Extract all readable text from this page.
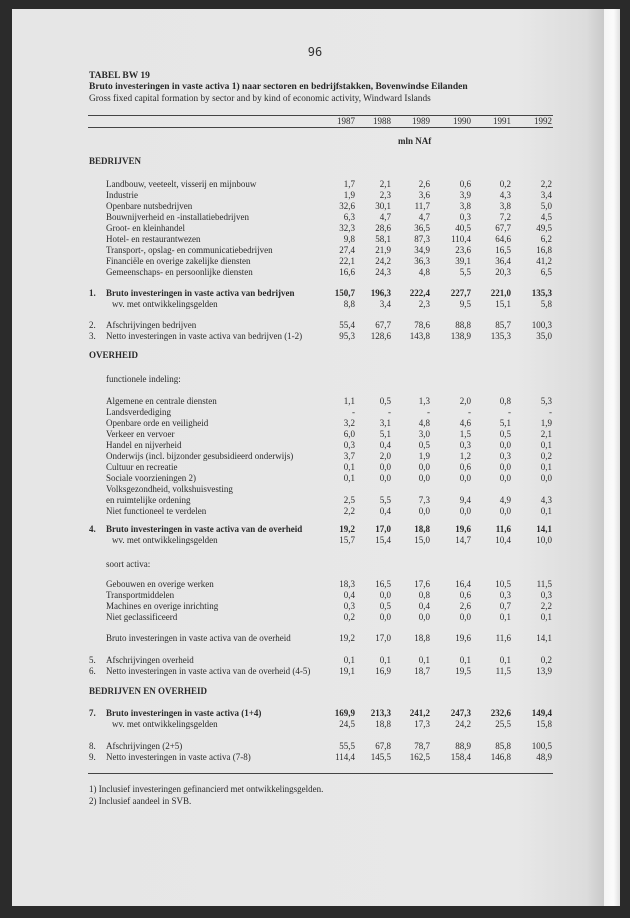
96
TABEL BW 19
Bruto investeringen in vaste activa 1) naar sectoren en bedrijfstakken, Bovenwindse Eilanden
Gross fixed capital formation by sector and by kind of economic activity, Windward Islands
1987	1988	1989	1990	1991	1992
mln NAf
BEDRIJVEN
OVERHEID
functionele indeling:
soort activa:
BEDRIJVEN EN OVERHEID
Landbouw, veeteelt, visserij en mijnbouw	1,7	2,1	2,6	0,6	0,2	2,2
Industrie	1,9	2,3	3,6	3,9	4,3	3,4
Openbare nutsbedrijven	32,6	30,1	11,7	3,8	3,8	5,0
Bouwnijverheid en -installatiebedrijven	6,3	4,7	4,7	0,3	7,2	4,5
Groot- en kleinhandel	32,3	28,6	36,5	40,5	67,7	49,5
Hotel- en restaurantwezen	9,8	58,1	87,3	110,4	64,6	6,2
Transport-, opslag- en communicatiebedrijven	27,4	21,9	34,9	23,6	16,5	16,8
Financiële en overige zakelijke diensten	22,1	24,2	36,3	39,1	36,4	41,2
Gemeenschaps- en persoonlijke diensten	16,6	24,3	4,8	5,5	20,3	6,5
1. Bruto investeringen in vaste activa van bedrijven	150,7	196,3	222,4	227,7	221,0	135,3
wv. met ontwikkelingsgelden	8,8	3,4	2,3	9,5	15,1	5,8
2. Afschrijvingen bedrijven	55,4	67,7	78,6	88,8	85,7	100,3
3. Netto investeringen in vaste activa van bedrijven (1-2)	95,3	128,6	143,8	138,9	135,3	35,0
Algemene en centrale diensten	1,1	0,5	1,3	2,0	0,8	5,3
Landsverdediging	-	-	-	-	-	-
Openbare orde en veiligheid	3,2	3,1	4,8	4,6	5,1	1,9
Verkeer en vervoer	6,0	5,1	3,0	1,5	0,5	2,1
Handel en nijverheid	0,3	0,4	0,5	0,3	0,0	0,1
Onderwijs (incl. bijzonder gesubsidieerd onderwijs)	3,7	2,0	1,9	1,2	0,3	0,2
Cultuur en recreatie	0,1	0,0	0,0	0,6	0,0	0,1
Sociale voorzieningen 2)	0,1	0,0	0,0	0,0	0,0	0,0
Volksgezondheid, volkshuisvesting
en ruimtelijke ordening	2,5	5,5	7,3	9,4	4,9	4,3
Niet functioneel te verdelen	2,2	0,4	0,0	0,0	0,0	0,1
4. Bruto investeringen in vaste activa van de overheid	19,2	17,0	18,8	19,6	11,6	14,1
wv. met ontwikkelingsgelden	15,7	15,4	15,0	14,7	10,4	10,0
Gebouwen en overige werken	18,3	16,5	17,6	16,4	10,5	11,5
Transportmiddelen	0,4	0,0	0,8	0,6	0,3	0,3
Machines en overige inrichting	0,3	0,5	0,4	2,6	0,7	2,2
Niet geclassificeerd	0,2	0,0	0,0	0,0	0,1	0,1
Bruto investeringen in vaste activa van de overheid	19,2	17,0	18,8	19,6	11,6	14,1
5. Afschrijvingen overheid	0,1	0,1	0,1	0,1	0,1	0,2
6. Netto investeringen in vaste activa van de overheid (4-5)	19,1	16,9	18,7	19,5	11,5	13,9
7. Bruto investeringen in vaste activa (1+4)	169,9	213,3	241,2	247,3	232,6	149,4
wv. met ontwikkelingsgelden	24,5	18,8	17,3	24,2	25,5	15,8
8. Afschrijvingen (2+5)	55,5	67,8	78,7	88,9	85,8	100,5
9. Netto investeringen in vaste activa (7-8)	114,4	145,5	162,5	158,4	146,8	48,9
1) Inclusief investeringen gefinancierd met ontwikkelingsgelden.
2) Inclusief aandeel in SVB.
